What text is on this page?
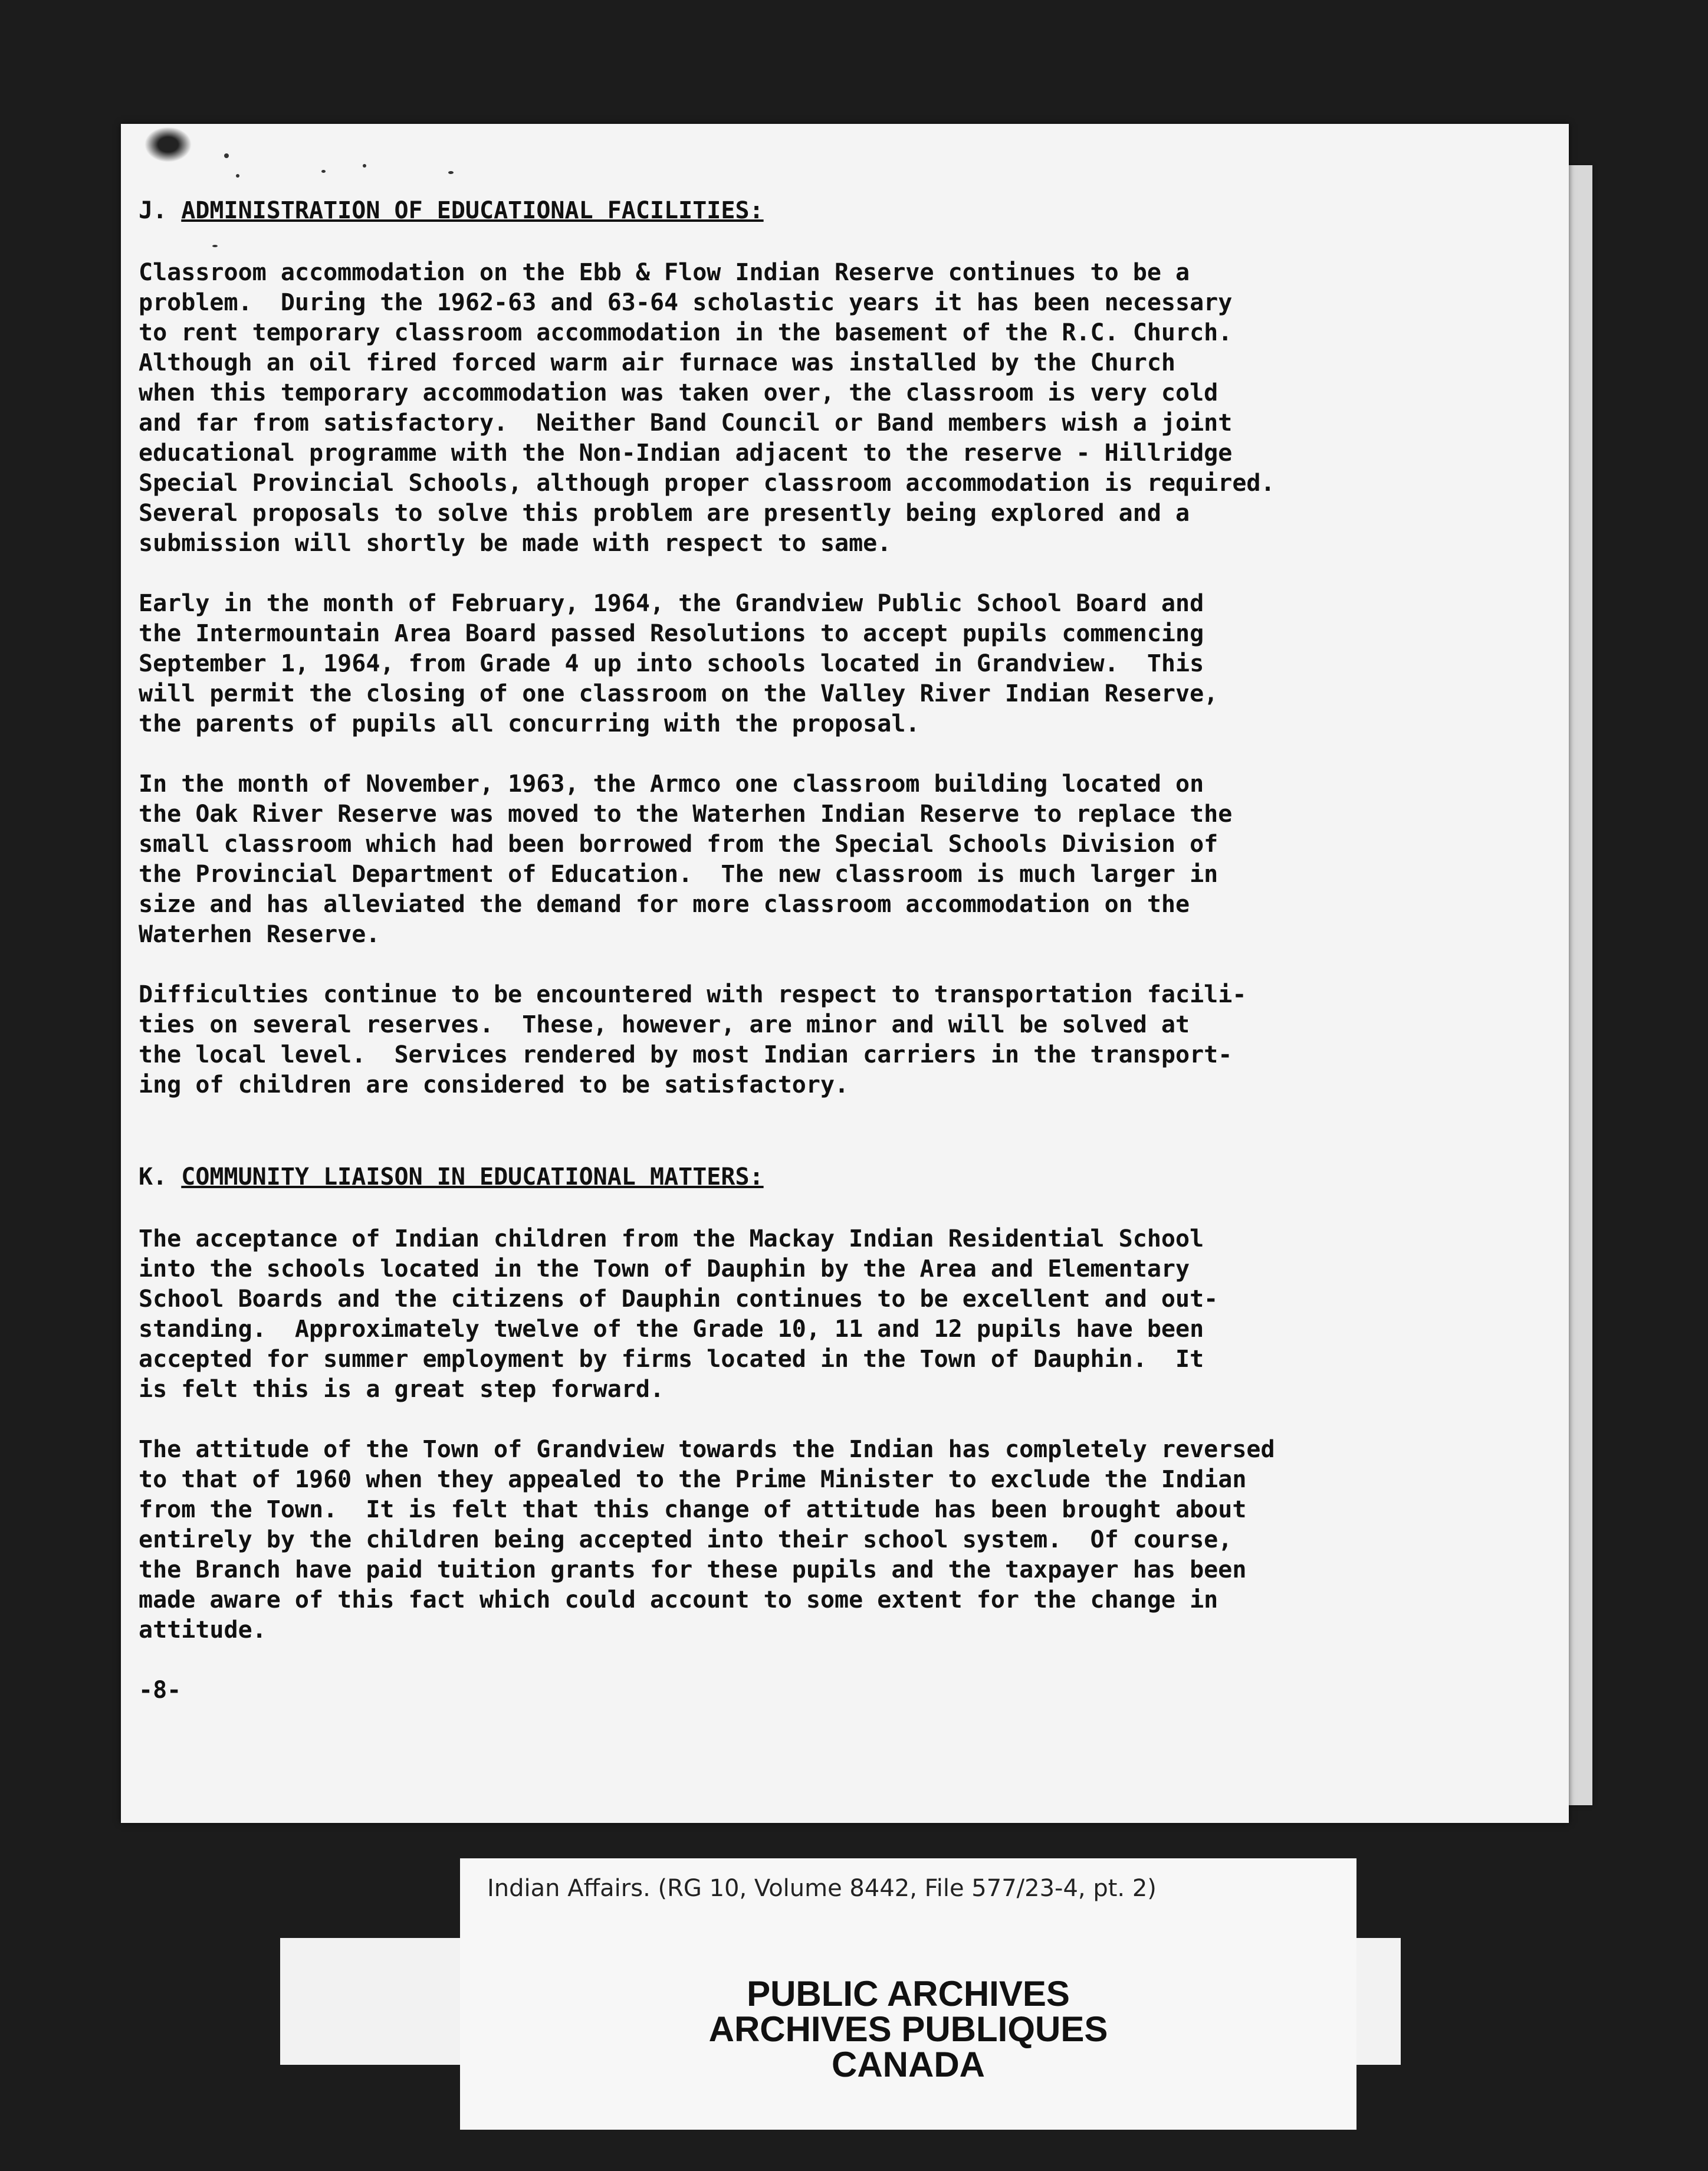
J. ADMINISTRATION OF EDUCATIONAL FACILITIES:
Classroom accommodation on the Ebb & Flow Indian Reserve continues to be a
problem.  During the 1962-63 and 63-64 scholastic years it has been necessary
to rent temporary classroom accommodation in the basement of the R.C. Church.
Although an oil fired forced warm air furnace was installed by the Church
when this temporary accommodation was taken over, the classroom is very cold
and far from satisfactory.  Neither Band Council or Band members wish a joint
educational programme with the Non-Indian adjacent to the reserve - Hillridge
Special Provincial Schools, although proper classroom accommodation is required.
Several proposals to solve this problem are presently being explored and a
submission will shortly be made with respect to same.
Early in the month of February, 1964, the Grandview Public School Board and
the Intermountain Area Board passed Resolutions to accept pupils commencing
September 1, 1964, from Grade 4 up into schools located in Grandview.  This
will permit the closing of one classroom on the Valley River Indian Reserve,
the parents of pupils all concurring with the proposal.
In the month of November, 1963, the Armco one classroom building located on
the Oak River Reserve was moved to the Waterhen Indian Reserve to replace the
small classroom which had been borrowed from the Special Schools Division of
the Provincial Department of Education.  The new classroom is much larger in
size and has alleviated the demand for more classroom accommodation on the
Waterhen Reserve.
Difficulties continue to be encountered with respect to transportation facili-
ties on several reserves.  These, however, are minor and will be solved at
the local level.  Services rendered by most Indian carriers in the transport-
ing of children are considered to be satisfactory.
K. COMMUNITY LIAISON IN EDUCATIONAL MATTERS:
The acceptance of Indian children from the Mackay Indian Residential School
into the schools located in the Town of Dauphin by the Area and Elementary
School Boards and the citizens of Dauphin continues to be excellent and out-
standing.  Approximately twelve of the Grade 10, 11 and 12 pupils have been
accepted for summer employment by firms located in the Town of Dauphin.  It
is felt this is a great step forward.
The attitude of the Town of Grandview towards the Indian has completely reversed
to that of 1960 when they appealed to the Prime Minister to exclude the Indian
from the Town.  It is felt that this change of attitude has been brought about
entirely by the children being accepted into their school system.  Of course,
the Branch have paid tuition grants for these pupils and the taxpayer has been
made aware of this fact which could account to some extent for the change in
attitude.
-8-
Indian Affairs. (RG 10, Volume 8442, File 577/23-4, pt. 2)
PUBLIC ARCHIVES
ARCHIVES PUBLIQUES
CANADA
